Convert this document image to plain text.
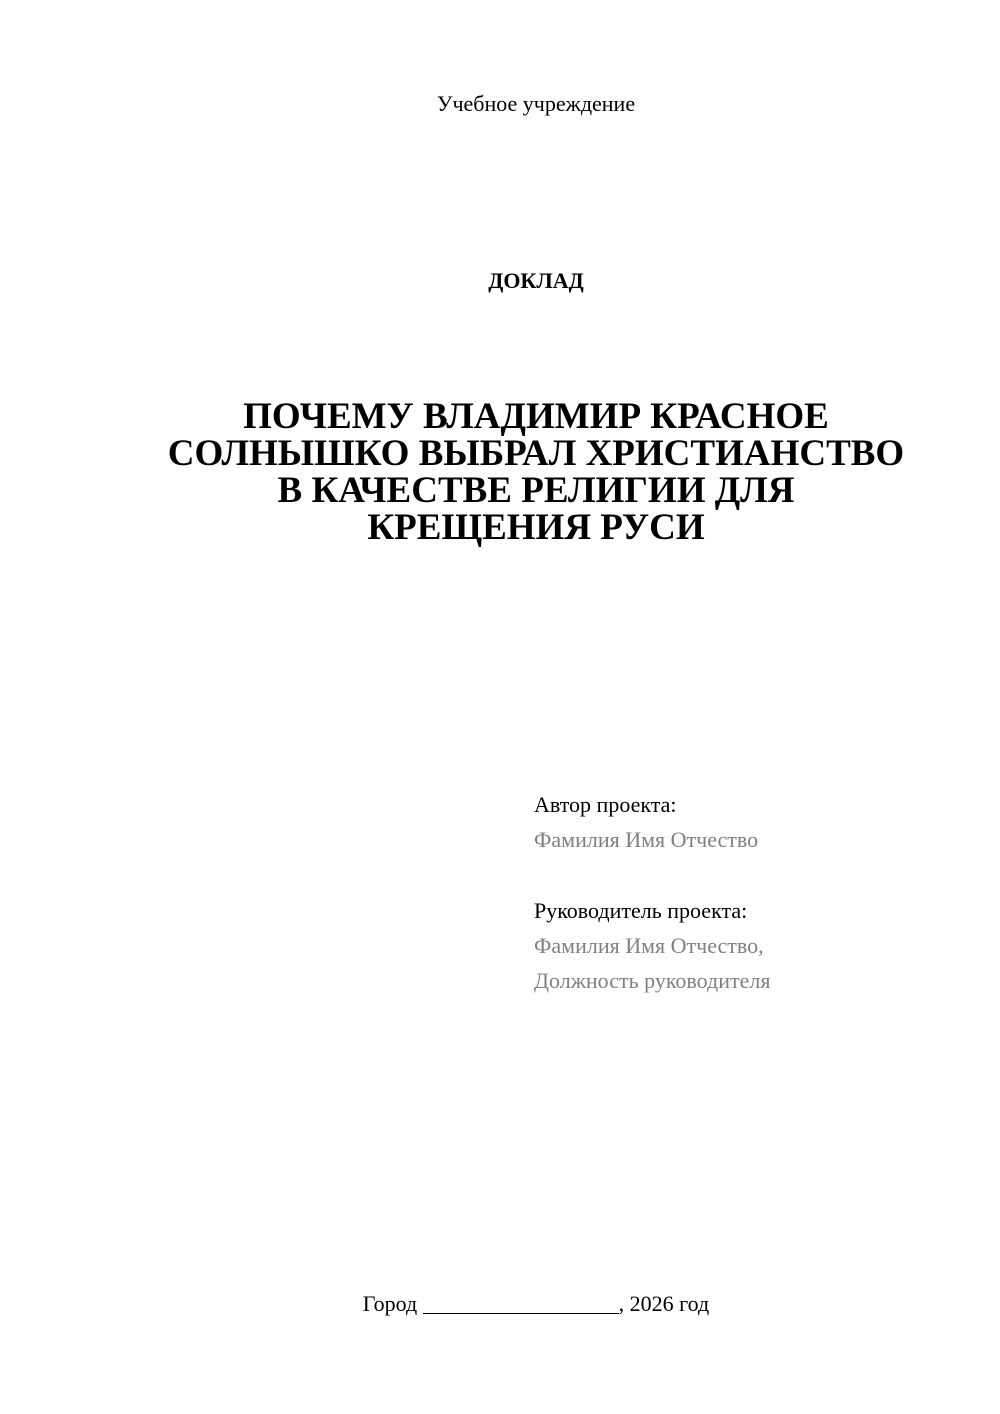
Учебное учреждение
ДОКЛАД
ПОЧЕМУ ВЛАДИМИР КРАСНОЕ
СОЛНЫШКО ВЫБРАЛ ХРИСТИАНСТВО
В КАЧЕСТВЕ РЕЛИГИИ ДЛЯ
КРЕЩЕНИЯ РУСИ
Автор проекта:
Фамилия Имя Отчество
Руководитель проекта:
Фамилия Имя Отчество,
Должность руководителя
Город	, 2026 год
